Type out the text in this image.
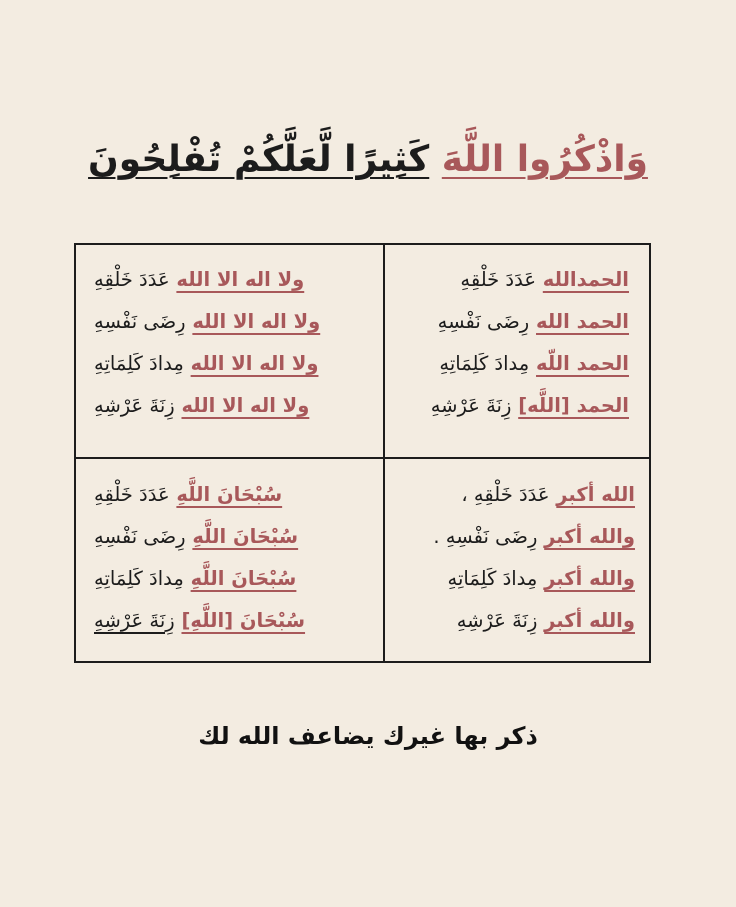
وَاذْكُرُوا اللَّهَ كَثِيرًا لَّعَلَّكُمْ تُفْلِحُونَ
الحمدالله عَدَدَ خَلْقِهِ
الحمد الله رِضَى نَفْسِهِ
الحمد اللّه مِدادَ كَلِمَاتِهِ
الحمد [اللَّه] زِنَةَ عَرْشِهِ
ولا اله الا الله عَدَدَ خَلْقِهِ
ولا اله الا الله رِضَى نَفْسِهِ
ولا اله الا الله مِدادَ كَلِمَاتِهِ
ولا اله الا الله زِنَةَ عَرْشِهِ
الله أكبر عَدَدَ خَلْقِهِ ،
والله أكبر رِضَى نَفْسِهِ .
والله أكبر مِدادَ كَلِمَاتِهِ
والله أكبر زِنَةَ عَرْشِهِ
سُبْحَانَ اللَّهِ عَدَدَ خَلْقِهِ
سُبْحَانَ اللَّهِ رِضَى نَفْسِهِ
سُبْحَانَ اللَّهِ مِدادَ كَلِمَاتِهِ
سُبْحَانَ [اللَّهِ] زِنَةَ عَرْشِهِ
ذكر بها غيرك يضاعف الله لك
